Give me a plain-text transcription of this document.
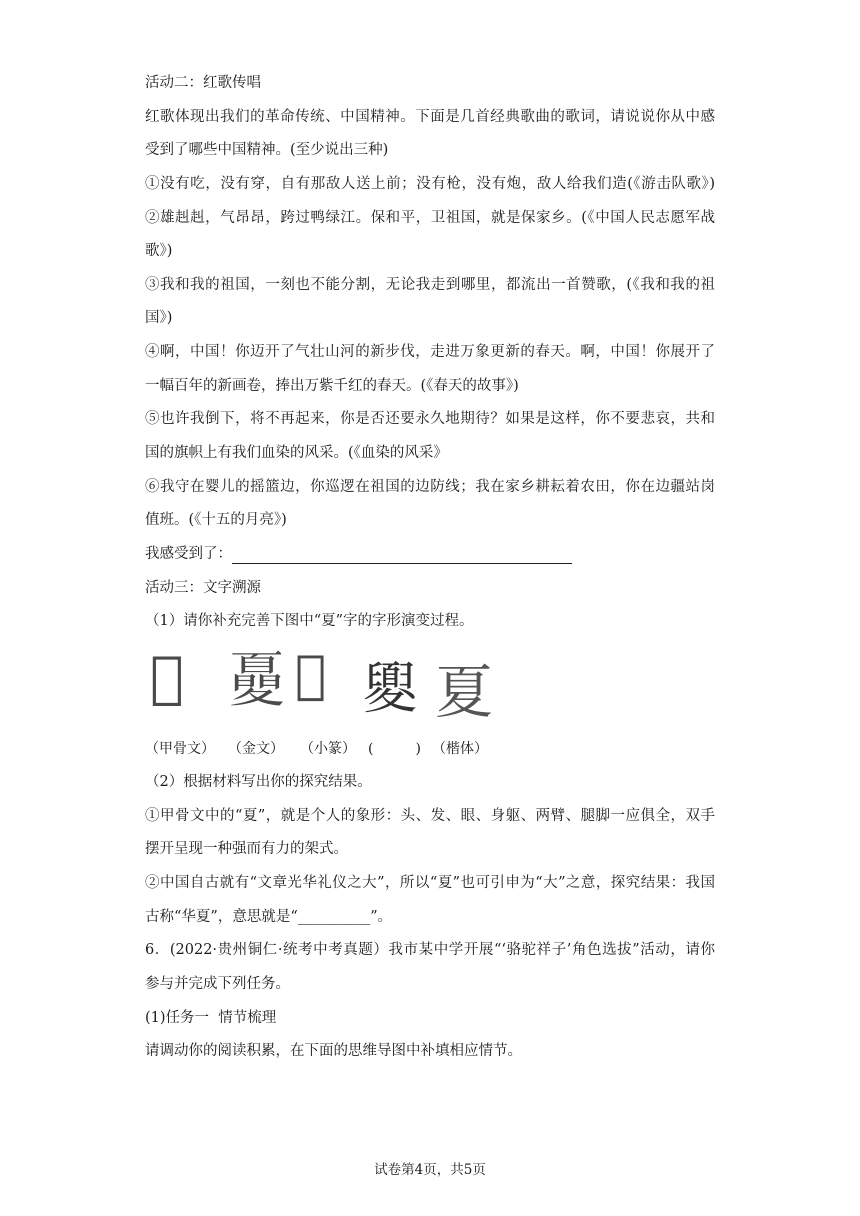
活动二：红歌传唱
红歌体现出我们的革命传统、中国精神。下面是几首经典歌曲的歌词，请说说你从中感
受到了哪些中国精神。(至少说出三种)
①没有吃，没有穿，自有那敌人送上前；没有枪，没有炮，敌人给我们造(《游击队歌》)
②雄赳赳，气昂昂，跨过鸭绿江。保和平，卫祖国，就是保家乡。(《中国人民志愿军战
歌》)
③我和我的祖国，一刻也不能分割，无论我走到哪里，都流出一首赞歌，(《我和我的祖
国》)
④啊，中国！你迈开了气壮山河的新步伐，走进万象更新的春天。啊，中国！你展开了
一幅百年的新画卷，捧出万紫千红的春天。(《春天的故事》)
⑤也许我倒下，将不再起来，你是否还要永久地期待？如果是这样，你不要悲哀，共和
国的旗帜上有我们血染的风采。(《血染的风采》
⑥我守在婴儿的摇篮边，你巡逻在祖国的边防线；我在家乡耕耘着农田，你在边疆站岗
值班。(《十五的月亮》)
我感受到了：
活动三：文字溯源
（1）请你补充完善下图中“夏”字的字形演变过程。
𦎫 𡕾 𡖀 夓 夏
（甲骨文） （金文） （小篆） (　　　) （楷体）
（2）根据材料写出你的探究结果。
①甲骨文中的“夏”，就是个人的象形：头、发、眼、身躯、两臂、腿脚一应俱全，双手
摆开呈现一种强而有力的架式。
②中国自古就有“文章光华礼仪之大”，所以“夏”也可引申为“大”之意，探究结果：我国
古称“华夏”，意思就是“__________”。
6．(2022·贵州铜仁·统考中考真题）我市某中学开展“‘骆驼祥子’角色选拔”活动，请你
参与并完成下列任务。
(1)任务一  情节梳理
请调动你的阅读积累，在下面的思维导图中补填相应情节。
试卷第4页，共5页
